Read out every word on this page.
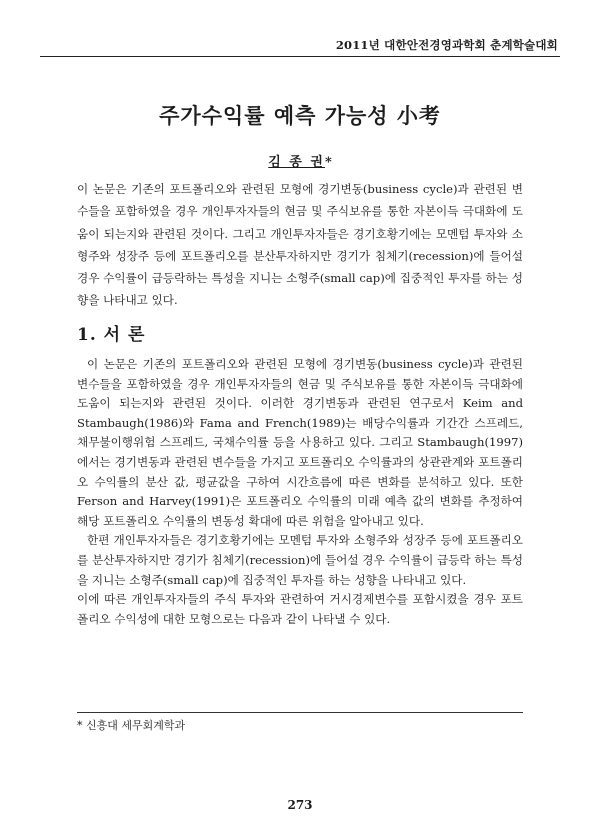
2011년 대한안전경영과학회 춘계학술대회
주가수익률 예측 가능성 小考
김 종 권*

이 논문은 기존의 포트폴리오와 관련된 모형에 경기변동(business cycle)과 관련된 변수들을 포함하였을 경우 개인투자자들의 현금 및 주식보유를 통한 자본이득 극대화에 도움이 되는지와 관련된 것이다. 그리고 개인투자자들은 경기호황기에는 모멘텀 투자와 소형주와 성장주 등에 포트폴리오를 분산투자하지만 경기가 침체기(recession)에 들어설 경우 수익률이 급등락하는 특성을 지니는 소형주(small cap)에 집중적인 투자를 하는 성향을 나타내고 있다.

1. 서 론

이 논문은 기존의 포트폴리오와 관련된 모형에 경기변동(business cycle)과 관련된 변수들을 포함하였을 경우 개인투자자들의 현금 및 주식보유를 통한 자본이득 극대화에 도움이 되는지와 관련된 것이다. 이러한 경기변동과 관련된 연구로서 Keim and Stambaugh(1986)와 Fama and French(1989)는 배당수익률과 기간간 스프레드, 채무불이행위험 스프레드, 국채수익률 등을 사용하고 있다. 그리고 Stambaugh(1997)에서는 경기변동과 관련된 변수들을 가지고 포트폴리오 수익률과의 상관관계와 포트폴리오 수익률의 분산 값, 평균값을 구하여 시간흐름에 따른 변화를 분석하고 있다. 또한 Ferson and Harvey(1991)은 포트폴리오 수익률의 미래 예측 값의 변화를 추정하여 해당 포트폴리오 수익률의 변동성 확대에 따른 위험을 알아내고 있다.

한편 개인투자자들은 경기호황기에는 모멘텀 투자와 소형주와 성장주 등에 포트폴리오를 분산투자하지만 경기가 침체기(recession)에 들어설 경우 수익률이 급등락 하는 특성을 지니는 소형주(small cap)에 집중적인 투자를 하는 성향을 나타내고 있다.

이에 따른 개인투자자들의 주식 투자와 관련하여 거시경제변수를 포함시켰을 경우 포트폴리오 수익성에 대한 모형으로는 다음과 같이 나타낼 수 있다.

* 신흥대 세무회계학과
273
